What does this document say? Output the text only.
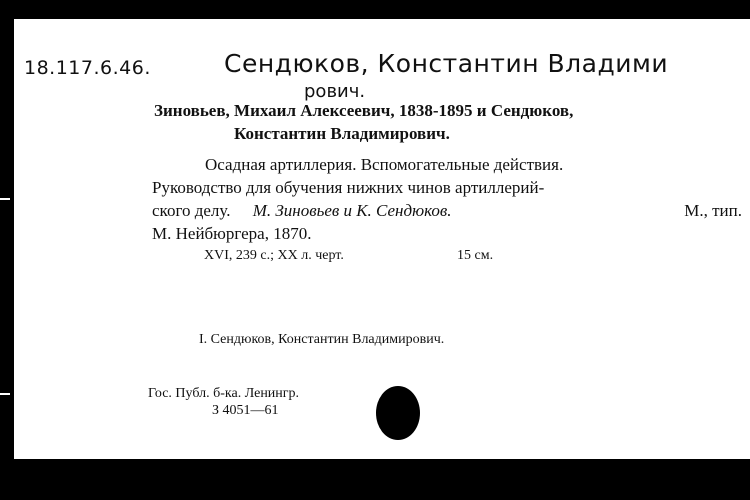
18.117.6.46.	Сендюков, Константин Владими
рович.
Зиновьев, Михаил Алексеевич, 1838-1895 и Сендюков,
Константин Владимирович.
Осадная артиллерия. Вспомогательные действия.
Руководство для обучения нижних чинов артиллерий-
ского делу. М. Зиновьев и К. Сендюков.	М., тип.
М. Нейбюргера, 1870.
XVI, 239 с.; XX л. черт.	15 см.
I. Сендюков, Константин Владимирович.
Гос. Публ. б-ка. Ленингр.
З 4051—61
